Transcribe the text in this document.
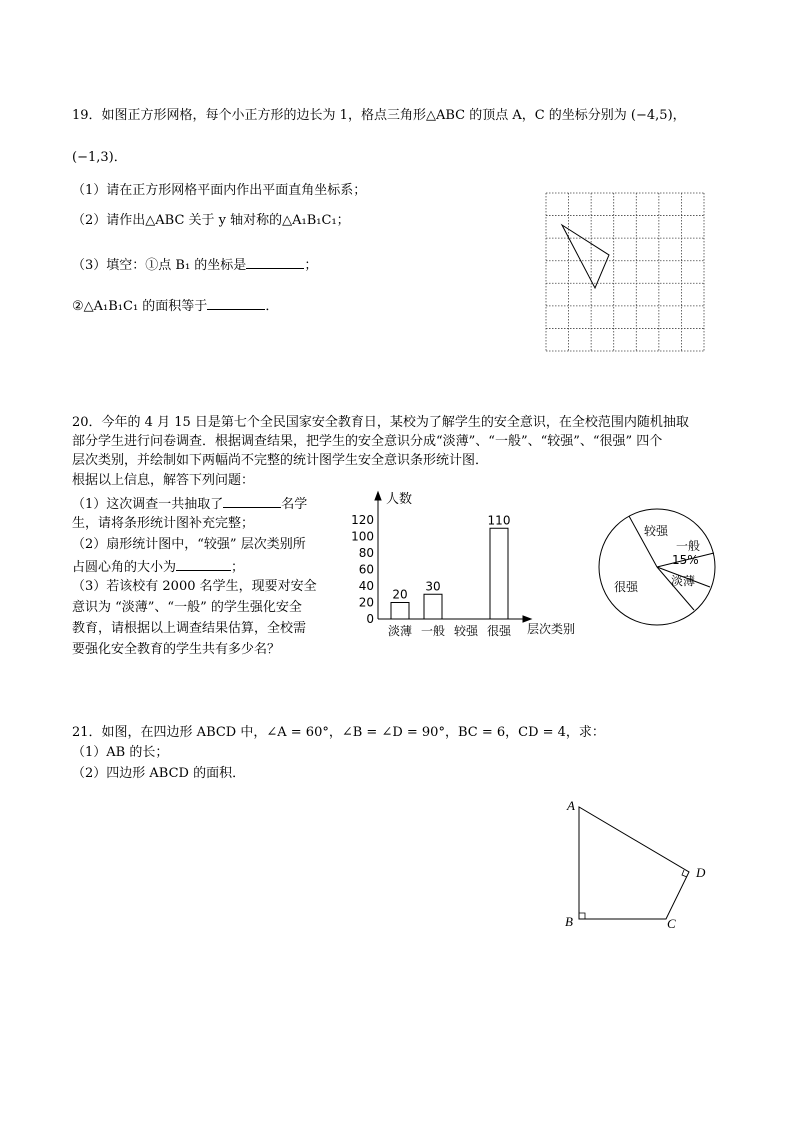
19．如图正方形网格，每个小正方形的边长为 1，格点三角形△ABC 的顶点 A，C 的坐标分别为 (−4,5)，
(−1,3)．
（1）请在正方形网格平面内作出平面直角坐标系；
（2）请作出△ABC 关于 y 轴对称的△A₁B₁C₁；
（3）填空：①点 B₁ 的坐标是	；
②△A₁B₁C₁ 的面积等于	．
20．今年的 4 月 15 日是第七个全民国家安全教育日，某校为了解学生的安全意识，在全校范围内随机抽取
部分学生进行问卷调查．根据调查结果，把学生的安全意识分成“淡薄”、“一般”、“较强”、“很强” 四个
层次类别，并绘制如下两幅尚不完整的统计图学生安全意识条形统计图．
根据以上信息，解答下列问题：
（1）这次调查一共抽取了	名学
生，请将条形统计图补充完整；
（2）扇形统计图中，“较强” 层次类别所
占圆心角的大小为	；
（3）若该校有 2000 名学生，现要对安全
意识为 “淡薄”、“一般” 的学生强化安全
教育，请根据以上调查结果估算，全校需
要强化安全教育的学生共有多少名？
0
20
40
60
80
100
120
淡薄 一般 较强 很强
20
30
110
人数
层次类别
较强
一般
15%
淡薄
很强
21．如图，在四边形 ABCD 中，∠A = 60°，∠B = ∠D = 90°，BC = 6，CD = 4，求：
（1）AB 的长；
（2）四边形 ABCD 的面积．
A
B	C
D
